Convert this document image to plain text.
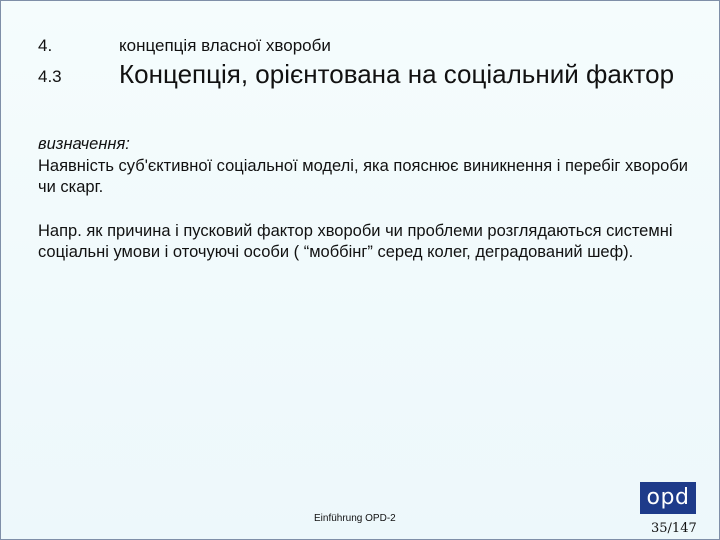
4.	концепція власної хвороби
4.3 Концепція, орієнтована на соціальний фактор
визначення:
Наявність суб'єктивної соціальної моделі, яка пояснює виникнення і перебіг хвороби чи скарг.
Напр. як причина і пусковий фактор хвороби чи проблеми розглядаються системні соціальні умови і оточуючі особи ( “моббінг” серед колег, деградований шеф).
Einführung OPD-2
opd
35/147
